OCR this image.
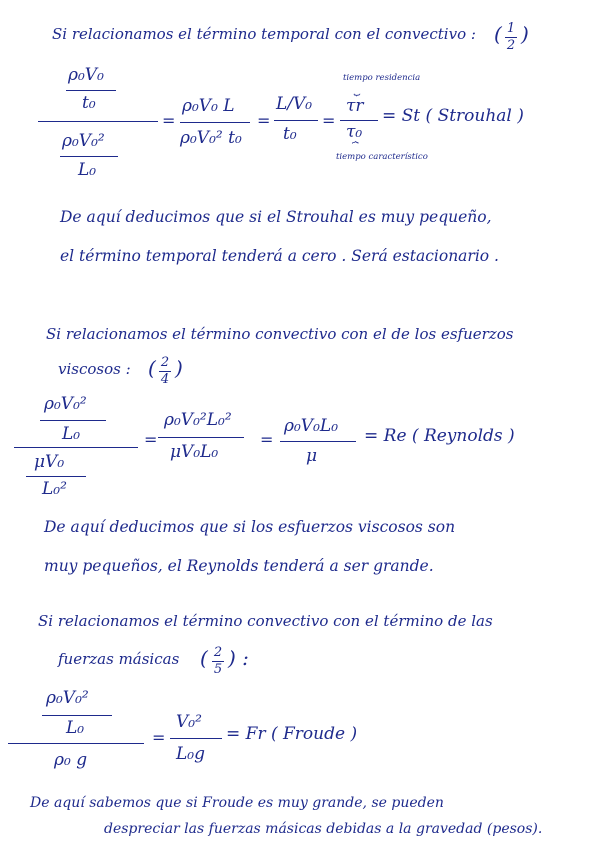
Si relacionamos el término temporal con el convectivo : ( 1
2 )
ρ₀V₀
t₀
ρ₀V₀²
L₀
=
ρ₀V₀ L
ρ₀V₀² t₀
=
L/V₀
t₀
=
tiempo residencia
⏟
τr
τ₀
⏞
tiempo característico
= St ( Strouhal )
De aquí deducimos que si el Strouhal es muy pequeño,
el término temporal tenderá a cero . Será estacionario .
Si relacionamos el término convectivo con el de los esfuerzos
viscosos : ( 2
4 )
ρ₀V₀²
L₀
μV₀
L₀²
=
ρ₀V₀²L₀²
μV₀L₀
=
ρ₀V₀L₀
μ
= Re ( Reynolds )
De aquí deducimos que si los esfuerzos viscosos son
muy pequeños, el Reynolds tenderá a ser grande.
Si relacionamos el término convectivo con el término de las
fuerzas másicas ( 2
5 ) :
ρ₀V₀²
L₀
ρ₀ g
=
V₀²
L₀g
= Fr ( Froude )
De aquí sabemos que si Froude es muy grande, se pueden
despreciar las fuerzas másicas debidas a la gravedad (pesos).
